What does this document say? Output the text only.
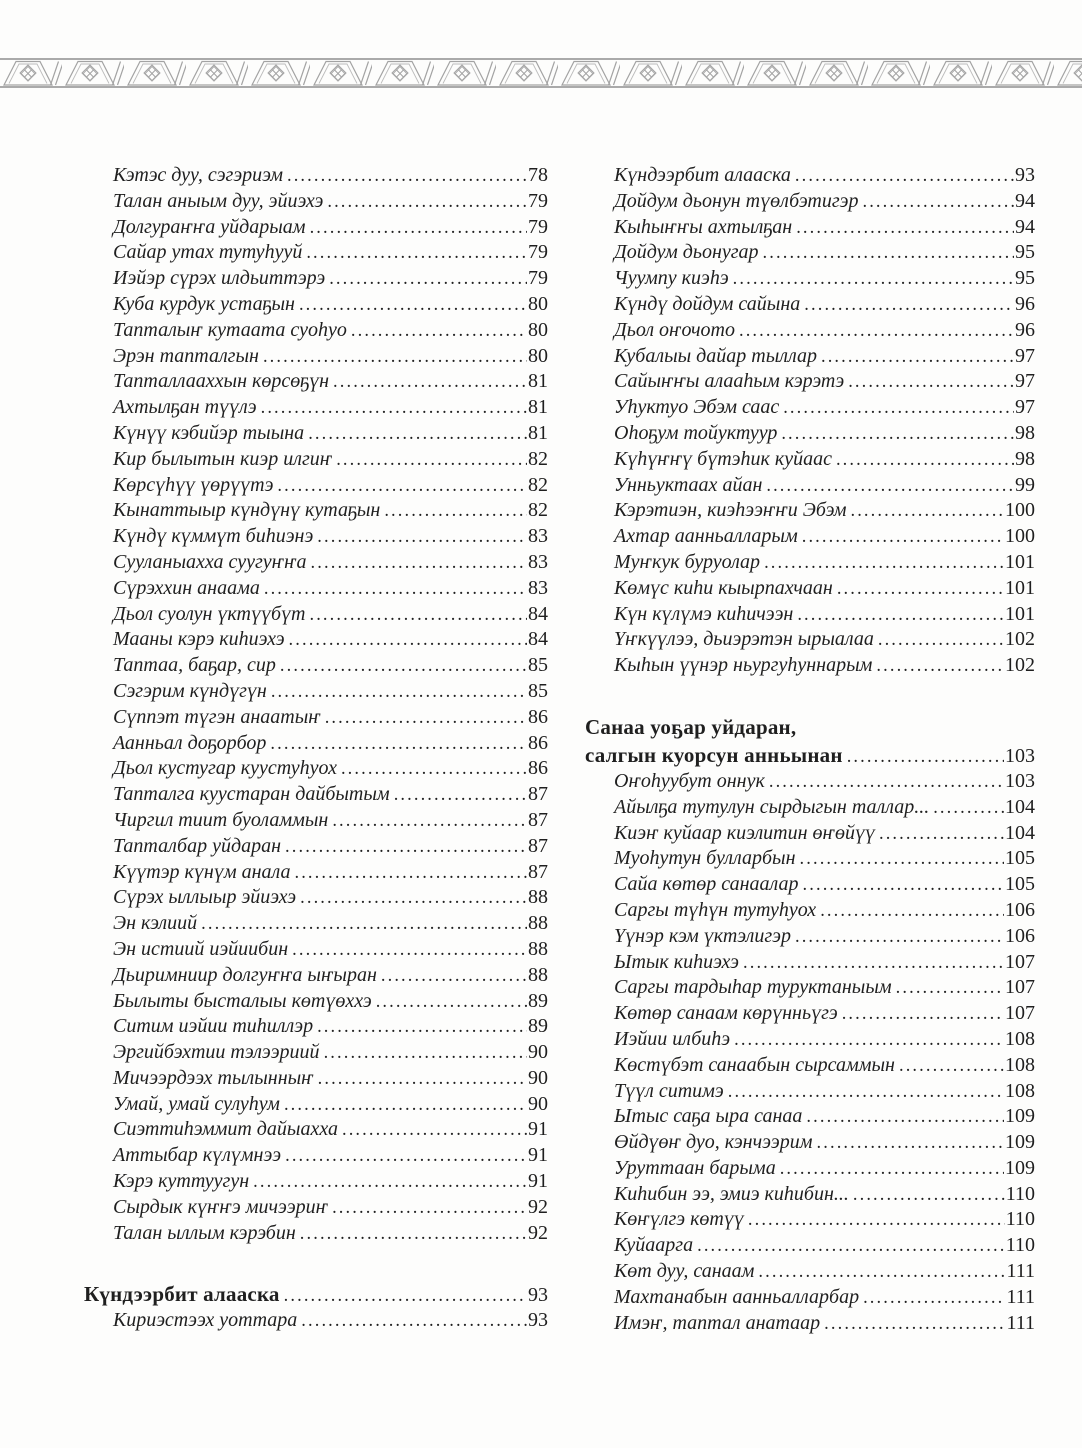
Кэтэс дуу, сэгэриэм .....	78
Талан аныым дуу, эйиэхэ .....	79
Долгураҥҥа уйдарыам .....	79
Сайар утах тутуһууй .....	79
Иэйэр сүрэх илдьиттэрэ .....	79
Куба курдук устаҕын .....	80
Тапталыҥ кутаата суоһуо .....	80
Эрэн тапталгын .....	80
Тапталлааххын көрсөҕүн .....	81
Ахтылҕан түүлэ .....	81
Күнүү кэбийэр тыына .....	81
Кир былытын киэр илгиҥ .....	82
Көрсүһүү үөрүүтэ .....	82
Кынаттыыр күндүнү кутаҕын .....	82
Күндү күммүт биһиэнэ .....	83
Сууланыахха суугуҥҥа .....	83
Сүрэххин анаама .....	83
Дьол суолун үктүүбүт .....	84
Мааны кэрэ киһиэхэ .....	84
Таптаа, баҕар, сир .....	85
Сэгэрим күндүгүн .....	85
Сүппэт түгэн анаатыҥ .....	86
Аанньал доҕорбор .....	86
Дьол кустугар куустуһуох .....	86
Тапталга куустаран дайбытым .....	87
Чиргил тиит буоламмын .....	87
Тапталбар уйдаран .....	87
Күүтэр күнүм анала .....	87
Сүрэх ыллыыр эйиэхэ .....	88
Эн кэлиий .....	88
Эн истиий иэйиибин .....	88
Дьиримниир долгуҥҥа ыҥыран .....	88
Былыты бысталыы көтүөххэ .....	89
Ситим иэйии тиһиллэр .....	89
Эргийбэхтии тэлээриий .....	90
Мичээрдээх тылынныҥ .....	90
Умай, умай сулуһум .....	90
Сиэттиһэммит дайыахха .....	91
Аттыбар күлүмнээ .....	91
Кэрэ куттуугун .....	91
Сырдык күҥҥэ мичээриҥ .....	92
Талан ыллым кэрэбин .....	92
Күндээрбит алааска .....	93
Кириэстээх уоттара .....	93
Күндээрбит алааска .....	93
Дойдум дьонун түөлбэтигэр .....	94
Кыһыҥҥы ахтылҕан .....	94
Дойдум дьонугар .....	95
Чуумпу киэһэ .....	95
Күндү дойдум сайына .....	96
Дьол оҥочото .....	96
Кубалыы дайар тыллар .....	97
Сайыҥҥы алааһым кэрэтэ .....	97
Уһуктуо Эбэм саас .....	97
Оһоҕум тойуктуур .....	98
Күһүҥҥү бүтэһик куйаас .....	98
Унньуктаах айан .....	99
Кэрэтиэн, киэһээҥҥи Эбэм .....	100
Ахтар аанньалларым .....	100
Муҥкук буруолар .....	101
Көмүс киһи кыырпахчаан .....	101
Күн күлүмэ киһичээн .....	101
Үҥкүүлээ, дьиэрэтэн ырыалаа .....	102
Кыһын үүнэр ньургуһуннарым .....	102
Санаа уоҕар уйдаран,
салгын куорсун анньынан .....	103
Оҥоһуубут оннук .....	103
Айылҕа тутулун сырдыгын таллар... .....	104
Киэҥ куйаар киэлитин өҥөйүү .....	104
Муоһутун булларбын .....	105
Сайа көтөр санаалар .....	105
Саргы түһүн тутуһуох .....	106
Үүнэр кэм үктэлигэр .....	106
Ытык киһиэхэ .....	107
Саргы тардыһар туруктаныым .....	107
Көтөр санаам көрүнньүгэ .....	107
Иэйии илбиһэ .....	108
Көстүбэт санаабын сырсаммын .....	108
Түүл ситимэ .....	108
Ытыс саҕа ыра санаа .....	109
Өйдүөҥ дуо, кэнчээрим .....	109
Уруттаан барыма .....	109
Киһибин ээ, эмиэ киһибин... .....	110
Көҥүлгэ көтүү .....	110
Куйаарга .....	110
Көт дуу, санаам .....	111
Махтанабын аанньалларбар .....	111
Имэҥ, таптал анатаар .....	111
